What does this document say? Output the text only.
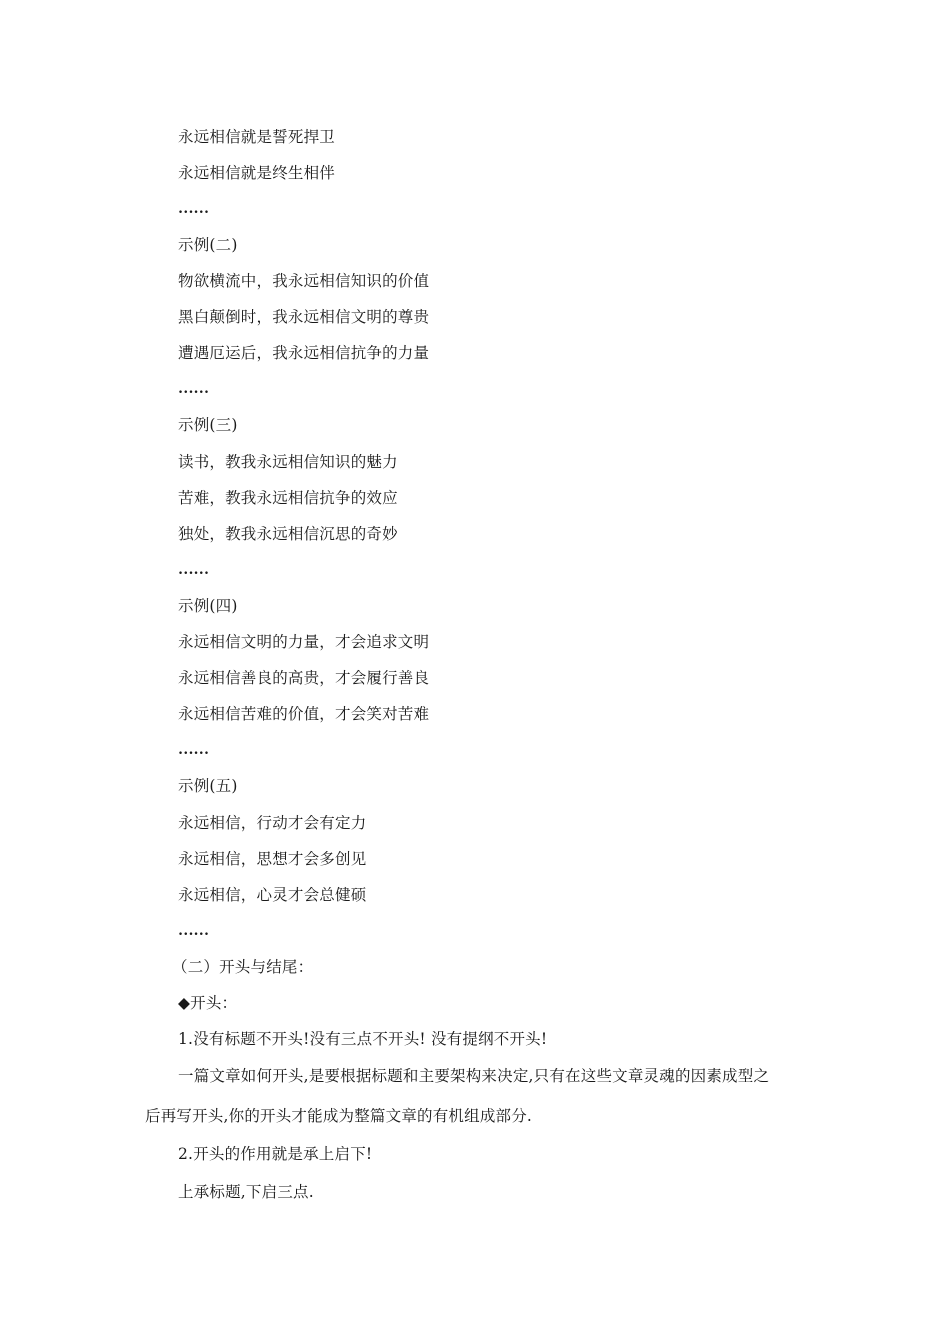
永远相信就是誓死捍卫
永远相信就是终生相伴
……
示例(二)
物欲横流中，我永远相信知识的价值
黑白颠倒时，我永远相信文明的尊贵
遭遇厄运后，我永远相信抗争的力量
……
示例(三)
读书，教我永远相信知识的魅力
苦难，教我永远相信抗争的效应
独处，教我永远相信沉思的奇妙
……
示例(四)
永远相信文明的力量，才会追求文明
永远相信善良的高贵，才会履行善良
永远相信苦难的价值，才会笑对苦难
……
示例(五)
永远相信，行动才会有定力
永远相信，思想才会多创见
永远相信，心灵才会总健硕
……
（二）开头与结尾：
◆开头：
1.没有标题不开头!没有三点不开头! 没有提纲不开头!
一篇文章如何开头,是要根据标题和主要架构来决定,只有在这些文章灵魂的因素成型之
后再写开头,你的开头才能成为整篇文章的有机组成部分.
2.开头的作用就是承上启下!
上承标题,下启三点.
